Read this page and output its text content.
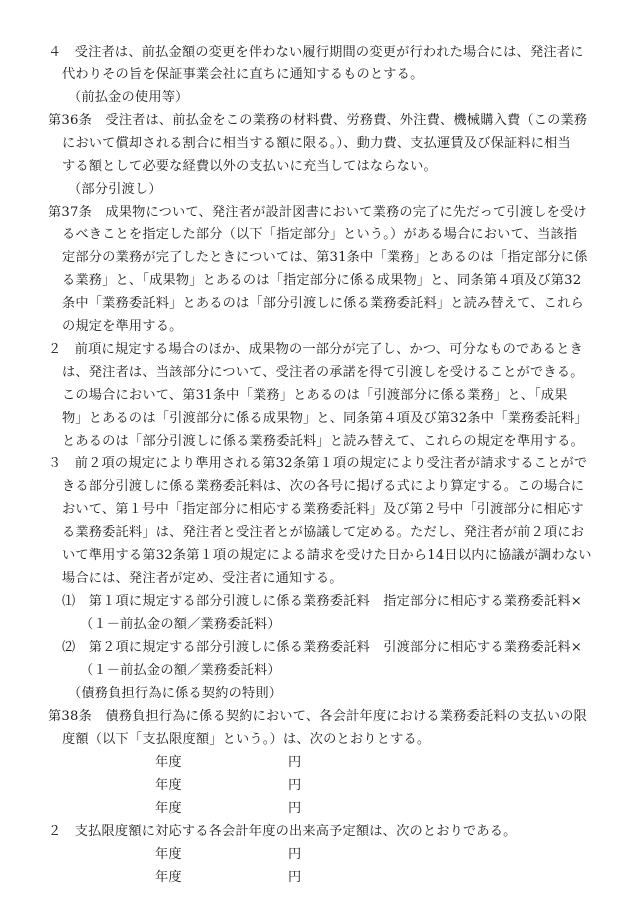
４　受注者は、前払金額の変更を伴わない履行期間の変更が行われた場合には、発注者に
代わりその旨を保証事業会社に直ちに通知するものとする。
（前払金の使用等）
第36条　受注者は、前払金をこの業務の材料費、労務費、外注費、機械購入費（この業務
において償却される割合に相当する額に限る。）、動力費、支払運賃及び保証料に相当
する額として必要な経費以外の支払いに充当してはならない。
（部分引渡し）
第37条　成果物について、発注者が設計図書において業務の完了に先だって引渡しを受け
るべきことを指定した部分（以下「指定部分」という。）がある場合において、当該指
定部分の業務が完了したときについては、第31条中「業務」とあるのは「指定部分に係
る業務」と、「成果物」とあるのは「指定部分に係る成果物」と、同条第４項及び第32
条中「業務委託料」とあるのは「部分引渡しに係る業務委託料」と読み替えて、これら
の規定を準用する。
２　前項に規定する場合のほか、成果物の一部分が完了し、かつ、可分なものであるとき
は、発注者は、当該部分について、受注者の承諾を得て引渡しを受けることができる。
この場合において、第31条中「業務」とあるのは「引渡部分に係る業務」と、「成果
物」とあるのは「引渡部分に係る成果物」と、同条第４項及び第32条中「業務委託料」
とあるのは「部分引渡しに係る業務委託料」と読み替えて、これらの規定を準用する。
３　前２項の規定により準用される第32条第１項の規定により受注者が請求することがで
きる部分引渡しに係る業務委託料は、次の各号に掲げる式により算定する。この場合に
おいて、第１号中「指定部分に相応する業務委託料」及び第２号中「引渡部分に相応す
る業務委託料」は、発注者と受注者とが協議して定める。ただし、発注者が前２項にお
いて準用する第32条第１項の規定による請求を受けた日から14日以内に協議が調わない
場合には、発注者が定め、受注者に通知する。
⑴　第１項に規定する部分引渡しに係る業務委託料　指定部分に相応する業務委託料×
（１－前払金の額／業務委託料）
⑵　第２項に規定する部分引渡しに係る業務委託料　引渡部分に相応する業務委託料×
（１－前払金の額／業務委託料）
（債務負担行為に係る契約の特則）
第38条　債務負担行為に係る契約において、各会計年度における業務委託料の支払いの限
度額（以下「支払限度額」という。）は、次のとおりとする。
年度	円
年度	円
年度	円
２　支払限度額に対応する各会計年度の出来高予定額は、次のとおりである。
年度	円
年度	円
